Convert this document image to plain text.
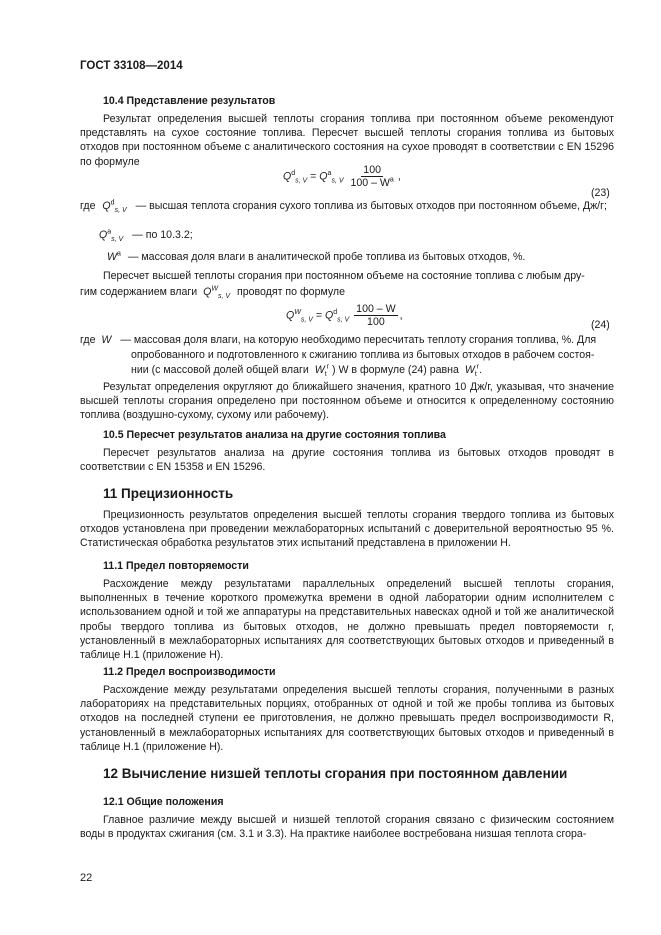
ГОСТ 33108—2014
10.4 Представление результатов
Результат определения высшей теплоты сгорания топлива при постоянном объеме рекомендуют представлять на сухое состояние топлива. Пересчет высшей теплоты сгорания топлива из бытовых отходов при постоянном объеме с аналитического состояния на сухое проводят в соответствии с EN 15296 по формуле
$Q^d_{s, V} = Q^a_{s, V} \frac{100}{100 - W^a}$ ,
(23)
где $Q^d_{s, V}$ — высшая теплота сгорания сухого топлива из бытовых отходов при постоянном объеме, Дж/г;
$Q^a_{s, V}$ — по 10.3.2;
$W^a$ — массовая доля влаги в аналитической пробе топлива из бытовых отходов, %.
Пересчет высшей теплоты сгорания при постоянном объеме на состояние топлива с любым дру-
гим содержанием влаги $Q^W_{s, V}$ проводят по формуле
$Q^W_{s, V} = Q^d_{s, V} \frac{100 - W}{100}$ ,
(24)
где W — массовая доля влаги, на которую необходимо пересчитать теплоту сгорания топлива, %. Для
опробованного и подготовленного к сжиганию топлива из бытовых отходов в рабочем состоя-
нии (с массовой долей общей влаги $W_t^r$ ) W в формуле (24) равна $W_t^r$.
Результат определения округляют до ближайшего значения, кратного 10 Дж/г, указывая, что значение высшей теплоты сгорания определено при постоянном объеме и относится к определенному состоянию топлива (воздушно-сухому, сухому или рабочему).
10.5 Пересчет результатов анализа на другие состояния топлива
Пересчет результатов анализа на другие состояния топлива из бытовых отходов проводят в соответствии с EN 15358 и EN 15296.
11 Прецизионность
Прецизионность результатов определения высшей теплоты сгорания твердого топлива из бытовых отходов установлена при проведении межлабораторных испытаний с доверительной вероятностью 95 %. Статистическая обработка результатов этих испытаний представлена в приложении Н.
11.1 Предел повторяемости
Расхождение между результатами параллельных определений высшей теплоты сгорания, выполненных в течение короткого промежутка времени в одной лаборатории одним исполнителем с использованием одной и той же аппаратуры на представительных навесках одной и той же аналитической пробы твердого топлива из бытовых отходов, не должно превышать предел повторяемости r, установленный в межлабораторных испытаниях для соответствующих бытовых отходов и приведенный в таблице Н.1 (приложение Н).
11.2 Предел воспроизводимости
Расхождение между результатами определения высшей теплоты сгорания, полученными в разных лабораториях на представительных порциях, отобранных от одной и той же пробы топлива из бытовых отходов на последней ступени ее приготовления, не должно превышать предел воспроизводимости R, установленный в межлабораторных испытаниях для соответствующих бытовых отходов и приведенный в таблице Н.1 (приложение Н).
12 Вычисление низшей теплоты сгорания при постоянном давлении
12.1 Общие положения
Главное различие между высшей и низшей теплотой сгорания связано с физическим состоянием воды в продуктах сжигания (см. 3.1 и 3.3). На практике наиболее востребована низшая теплота сгора-
22
